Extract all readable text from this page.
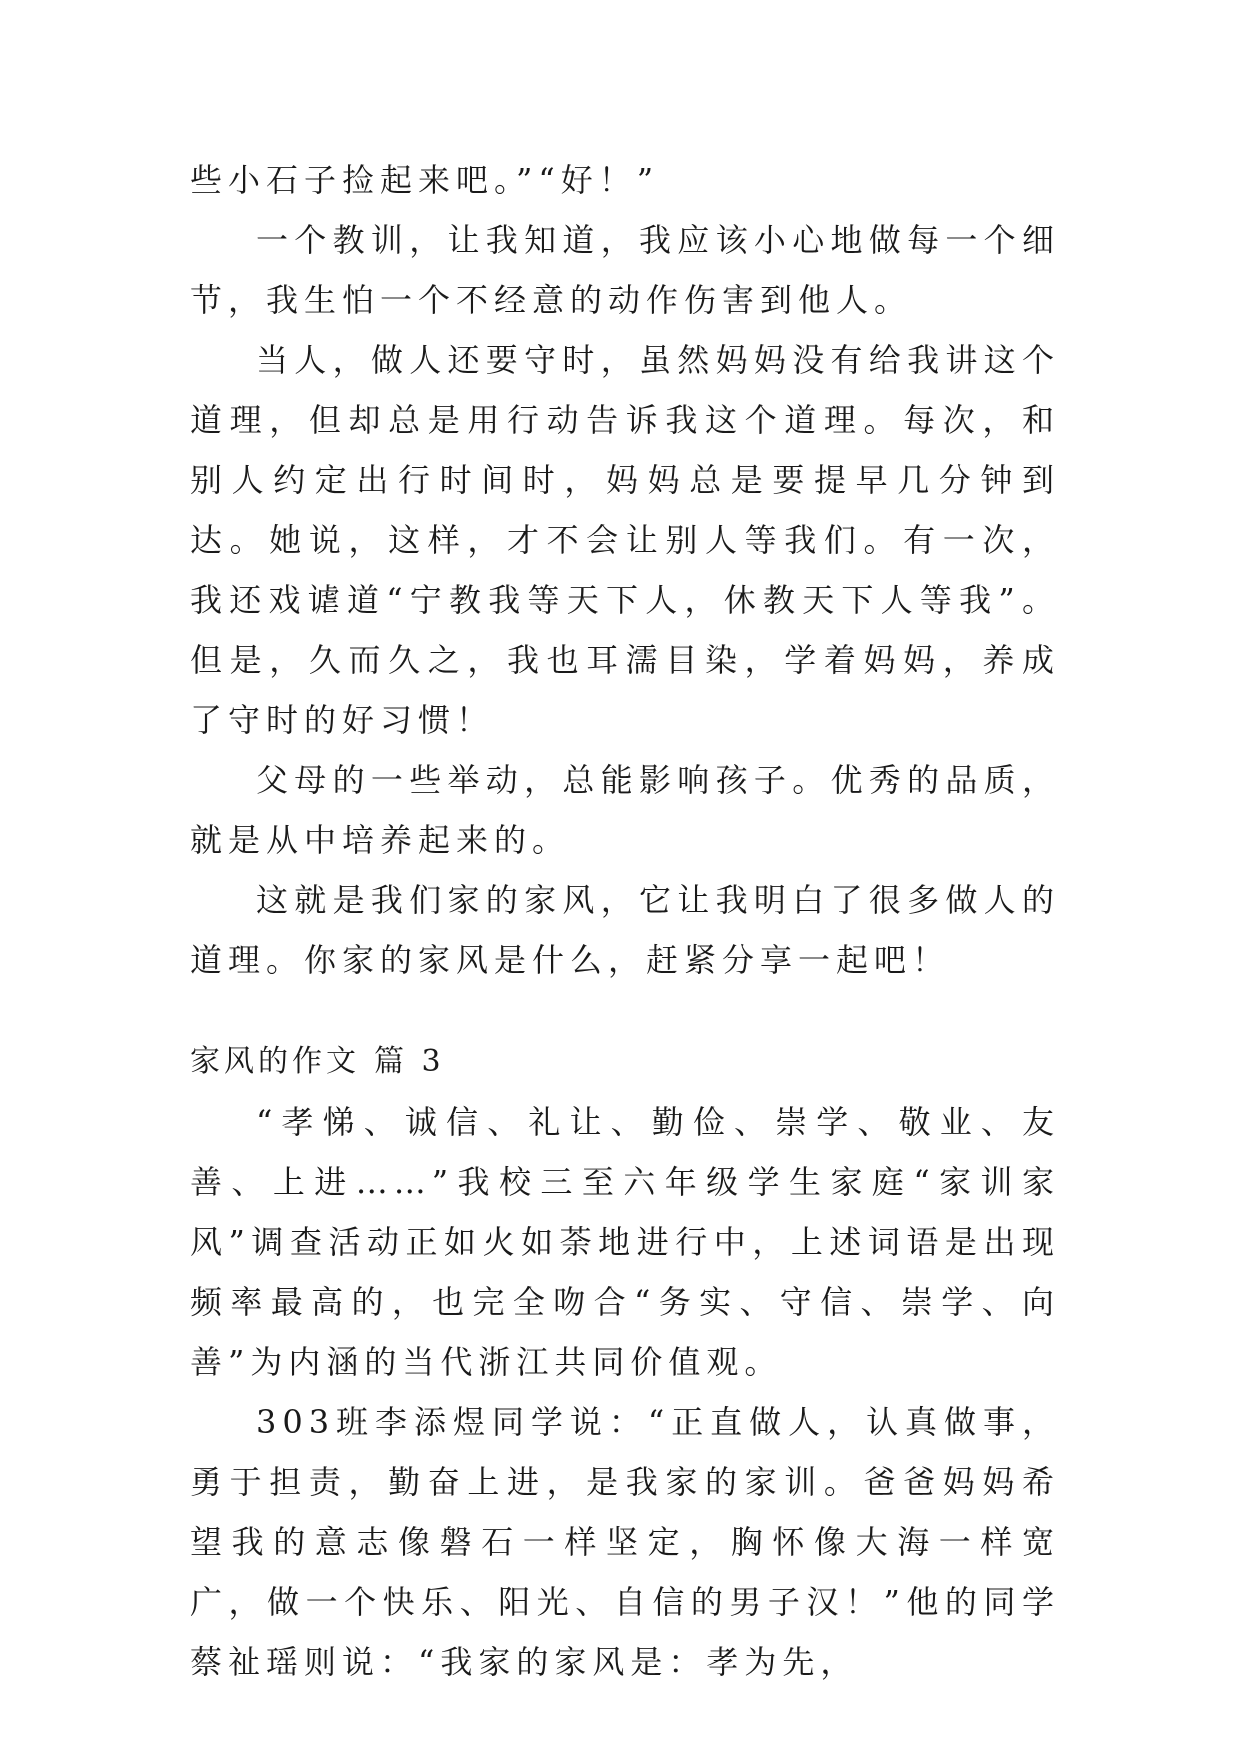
些小石子捡起来吧。”“好！”

一个教训，让我知道，我应该小心地做每一个细节，我生怕一个不经意的动作伤害到他人。

当人，做人还要守时，虽然妈妈没有给我讲这个道理，但却总是用行动告诉我这个道理。每次，和别人约定出行时间时，妈妈总是要提早几分钟到达。她说，这样，才不会让别人等我们。有一次，我还戏谑道“宁教我等天下人，休教天下人等我”。但是，久而久之，我也耳濡目染，学着妈妈，养成了守时的好习惯！

父母的一些举动，总能影响孩子。优秀的品质，就是从中培养起来的。

这就是我们家的家风，它让我明白了很多做人的道理。你家的家风是什么，赶紧分享一起吧！

家风的作文 篇 3

“孝悌、诚信、礼让、勤俭、崇学、敬业、友善、上进……”我校三至六年级学生家庭“家训家风”调查活动正如火如荼地进行中，上述词语是出现频率最高的，也完全吻合“务实、守信、崇学、向善”为内涵的当代浙江共同价值观。

303班李添煜同学说：“正直做人，认真做事，勇于担责，勤奋上进，是我家的家训。爸爸妈妈希望我的意志像磐石一样坚定，胸怀像大海一样宽广，做一个快乐、阳光、自信的男子汉！”他的同学蔡祉瑶则说：“我家的家风是：孝为先，
